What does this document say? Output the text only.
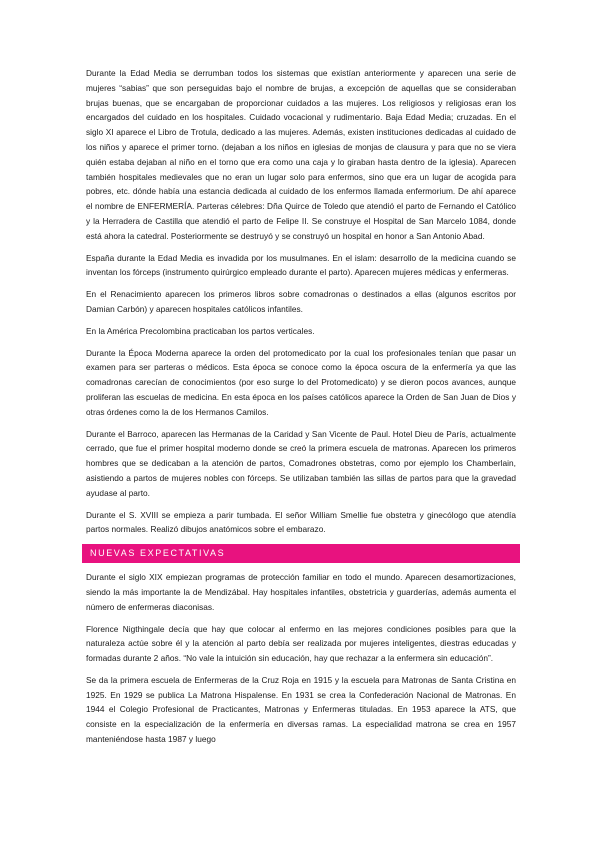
Durante la Edad Media se derrumban todos los sistemas que existían anteriormente y aparecen una serie de mujeres “sabias” que son perseguidas bajo el nombre de brujas, a excepción de aquellas que se consideraban brujas buenas, que se encargaban de proporcionar cuidados a las mujeres. Los religiosos y religiosas eran los encargados del cuidado en los hospitales. Cuidado vocacional y rudimentario. Baja Edad Media; cruzadas. En el siglo XI aparece el Libro de Trotula, dedicado a las mujeres. Además, existen instituciones dedicadas al cuidado de los niños y aparece el primer torno. (dejaban a los niños en iglesias de monjas de clausura y para que no se viera quién estaba dejaban al niño en el torno que era como una caja y lo giraban hasta dentro de la iglesia). Aparecen también hospitales medievales que no eran un lugar solo para enfermos, sino que era un lugar de acogida para pobres, etc. dónde había una estancia dedicada al cuidado de los enfermos llamada enfermorium. De ahí aparece el nombre de ENFERMERÍA. Parteras célebres: Dña Quirce de Toledo que atendió el parto de Fernando el Católico y la Herradera de Castilla que atendió el parto de Felipe II. Se construye el Hospital de San Marcelo 1084, donde está ahora la catedral. Posteriormente se destruyó y se construyó un hospital en honor a San Antonio Abad.

España durante la Edad Media es invadida por los musulmanes. En el islam: desarrollo de la medicina cuando se inventan los fórceps (instrumento quirúrgico empleado durante el parto). Aparecen mujeres médicas y enfermeras.

En el Renacimiento aparecen los primeros libros sobre comadronas o destinados a ellas (algunos escritos por Damian Carbón) y aparecen hospitales católicos infantiles.

En la América Precolombina practicaban los partos verticales.

Durante la Época Moderna aparece la orden del protomedicato por la cual los profesionales tenían que pasar un examen para ser parteras o médicos. Esta época se conoce como la época oscura de la enfermería ya que las comadronas carecían de conocimientos (por eso surge lo del Protomedicato) y se dieron pocos avances, aunque proliferan las escuelas de medicina. En esta época en los países católicos aparece la Orden de San Juan de Dios y otras órdenes como la de los Hermanos Camilos.

Durante el Barroco, aparecen las Hermanas de la Caridad y San Vicente de Paul. Hotel Dieu de París, actualmente cerrado, que fue el primer hospital moderno donde se creó la primera escuela de matronas. Aparecen los primeros hombres que se dedicaban a la atención de partos, Comadrones obstetras, como por ejemplo los Chamberlain, asistiendo a partos de mujeres nobles con fórceps. Se utilizaban también las sillas de partos para que la gravedad ayudase al parto.

Durante el S. XVIII se empieza a parir tumbada. El señor William Smellie fue obstetra y ginecólogo que atendía partos normales. Realizó dibujos anatómicos sobre el embarazo.

NUEVAS EXPECTATIVAS

Durante el siglo XIX empiezan programas de protección familiar en todo el mundo. Aparecen desamortizaciones, siendo la más importante la de Mendizábal. Hay hospitales infantiles, obstetricia y guarderías, además aumenta el número de enfermeras diaconisas.

Florence Nigthingale decía que hay que colocar al enfermo en las mejores condiciones posibles para que la naturaleza actúe sobre él y la atención al parto debía ser realizada por mujeres inteligentes, diestras educadas y formadas durante 2 años. “No vale la intuición sin educación, hay que rechazar a la enfermera sin educación”.

Se da la primera escuela de Enfermeras de la Cruz Roja en 1915 y la escuela para Matronas de Santa Cristina en 1925. En 1929 se publica La Matrona Hispalense. En 1931 se crea la Confederación Nacional de Matronas. En 1944 el Colegio Profesional de Practicantes, Matronas y Enfermeras tituladas. En 1953 aparece la ATS, que consiste en la especialización de la enfermería en diversas ramas. La especialidad matrona se crea en 1957 manteniéndose hasta 1987 y luego
